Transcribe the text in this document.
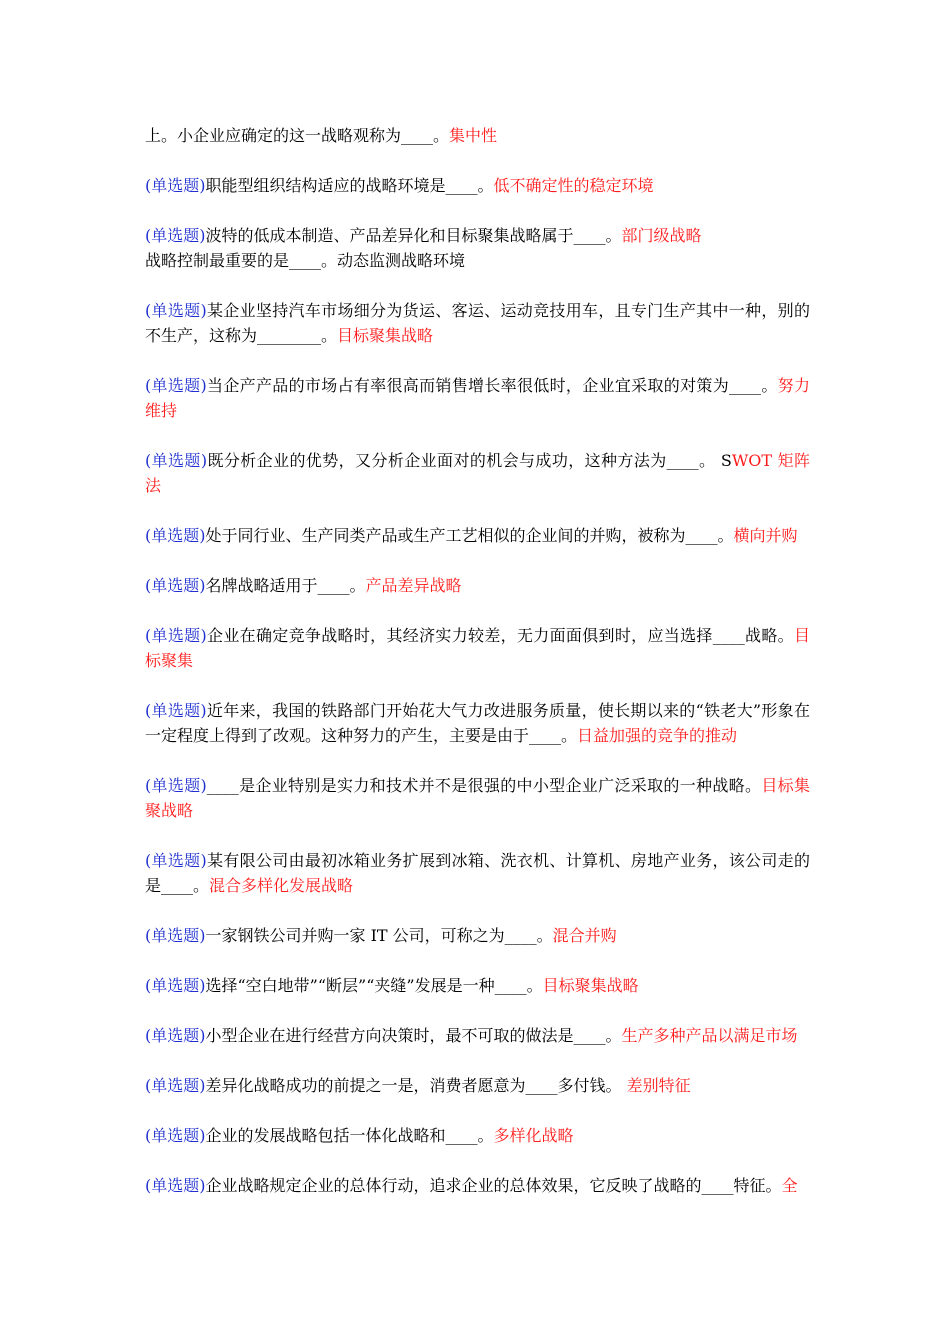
上。小企业应确定的这一战略观称为____。集中性

(单选题)职能型组织结构适应的战略环境是____。低不确定性的稳定环境

(单选题)波特的低成本制造、产品差异化和目标聚集战略属于____。部门级战略
战略控制最重要的是____。动态监测战略环境

(单选题)某企业坚持汽车市场细分为货运、客运、运动竞技用车，且专门生产其中一种，别的不生产，这称为________。目标聚集战略

(单选题)当企产产品的市场占有率很高而销售增长率很低时，企业宜采取的对策为____。努力维持

(单选题)既分析企业的优势，又分析企业面对的机会与成功，这种方法为____。 SWOT 矩阵法

(单选题)处于同行业、生产同类产品或生产工艺相似的企业间的并购，被称为____。横向并购

(单选题)名牌战略适用于____。产品差异战略

(单选题)企业在确定竞争战略时，其经济实力较差，无力面面俱到时，应当选择____战略。目标聚集

(单选题)近年来，我国的铁路部门开始花大气力改进服务质量，使长期以来的“铁老大”形象在一定程度上得到了改观。这种努力的产生，主要是由于____。日益加强的竞争的推动

(单选题)____是企业特别是实力和技术并不是很强的中小型企业广泛采取的一种战略。目标集聚战略

(单选题)某有限公司由最初冰箱业务扩展到冰箱、洗衣机、计算机、房地产业务，该公司走的是____。混合多样化发展战略

(单选题)一家钢铁公司并购一家 IT 公司，可称之为____。混合并购

(单选题)选择“空白地带”“断层”“夹缝”发展是一种____。目标聚集战略

(单选题)小型企业在进行经营方向决策时，最不可取的做法是____。生产多种产品以满足市场

(单选题)差异化战略成功的前提之一是，消费者愿意为____多付钱。 差别特征

(单选题)企业的发展战略包括一体化战略和____。多样化战略

(单选题)企业战略规定企业的总体行动，追求企业的总体效果，它反映了战略的____特征。全
